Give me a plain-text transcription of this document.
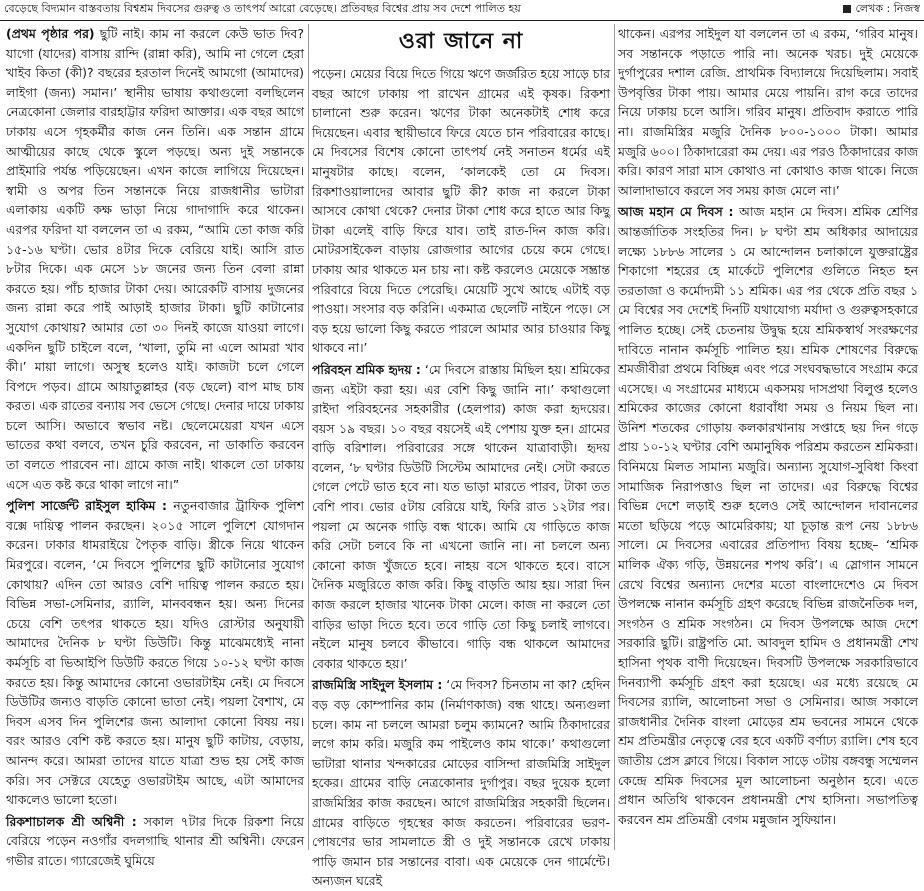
বেড়েছে বিদ্যমান বাস্তবতায় বিশ্বশ্রম দিবসের গুরুত্ব ও তাৎপর্য আরো বেড়েছে। প্রতিবছর বিশ্বের প্রায় সব দেশে পালিত হয়	লেখক : নিজস্ব

(প্রথম পৃষ্ঠার পর) ছুটি নাই। কাম না করলে কেউ ভাত দিব? যাগো (যাদের) বাসায় রান্দি (রান্না করি), আমি না গেলে হেরা খাইব কিতা (কী)? বছরের হরতাল দিনেই আমগো (আমাদের) লাইগা (জন্য) সমান।’ স্থানীয় ভাষায় কথাগুলো বলছিলেন নেত্রকোনা জেলার বারহাট্টার ফরিদা আক্তার। এক বছর আগে ঢাকায় এসে গৃহকর্মীর কাজ নেন তিনি। এক সন্তান গ্রামে আত্মীয়ের কাছে থেকে স্কুলে পড়ছে। অন্য দুই সন্তানকে প্রাইমারি পর্যন্ত পড়িয়েছেন। এখন কাজে লাগিয়ে দিয়েছেন। স্বামী ও অপর তিন সন্তানকে নিয়ে রাজধানীর ভাটারা এলাকায় একটি কক্ষ ভাড়া নিয়ে গাদাগাদি করে থাকেন। এরপর ফরিদা যা বললেন তা এ রকম, “আমি তো কাজ করি ১৫-১৬ ঘণ্টা। ভোর ৪টার দিকে বেরিয়ে যাই। আসি রাত ৮টার দিকে। এক মেসে ১৮ জনের জন্য তিন বেলা রান্না করতে হয়। পাঁচ হাজার টাকা দেয়। আরেকটি বাসায় দুজনের জন্য রান্না করে পাই আড়াই হাজার টাকা। ছুটি কাটানোর সুযোগ কোথায়? আমার তো ৩০ দিনই কাজে যাওয়া লাগে। একদিন ছুটি চাইলে বলে, ‘খালা, তুমি না এলে আমরা খাব কী।’ মায়া লাগে। অসুস্থ হলেও যাই। কাজটা চলে গেলে বিপদে পড়ব। গ্রামে আয়াতুল্লাহর (বড় ছেলে) বাপ মাছ চাষ করত। এক রাতের বন্যায় সব ভেসে গেছে। দেনার দায়ে ঢাকায় চলে আসি। অভাবে স্বভাব নষ্ট। ছেলেমেয়েরা যখন এসে ভাতের কথা বলবে, তখন চুরি করবেন, না ডাকাতি করবেন তা বলতে পারবেন না। গ্রামে কাজ নাই। থাকলে তো ঢাকায় এসে এত কষ্ট করে থাকা লাগে না।”

পুলিশ সার্জেন্ট রাইসুল হাকিম : নতুনবাজার ট্রাফিক পুলিশ বক্সে দায়িত্ব পালন করছেন। ২০১৫ সালে পুলিশে যোগদান করেন। ঢাকার ধামরাইয়ে পৈতৃক বাড়ি। স্ত্রীকে নিয়ে থাকেন মিরপুরে। বলেন, ‘মে দিবসে পুলিশের ছুটি কাটানোর সুযোগ কোথায়? এদিন তো আরও বেশি দায়িত্ব পালন করতে হয়। বিভিন্ন সভা-সেমিনার, র‍্যালি, মানববন্ধন হয়। অন্য দিনের চেয়ে বেশি তৎপর থাকতে হয়। যদিও রোস্টার অনুযায়ী আমাদের দৈনিক ৮ ঘণ্টা ডিউটি। কিন্তু মাঝেমধ্যেই নানা কর্মসূচি বা ভিআইপি ডিউটি করতে গিয়ে ১০-১২ ঘণ্টা কাজ করতে হয়। কিন্তু আমাদের কোনো ওভারটাইম নেই। মে দিবসে ডিউটির জন্যও বাড়তি কোনো ভাতা নেই। পয়লা বৈশাখ, মে দিবস এসব দিন পুলিশের জন্য আলাদা কোনো বিষয় নয়। বরং আরও বেশি কষ্ট করতে হয়। মানুষ ছুটি কাটায়, বেড়ায়, আনন্দ করে। আমরা তাদের যাতে যাত্রা শুভ হয় সেই কাজ করি। সব সেক্টরে যেহেতু ওভারটাইম আছে, এটা আমাদের থাকলেও ভালো হতো।

রিকশাচালক শ্রী অশ্বিনী : সকাল ৭টার দিকে রিকশা নিয়ে বেরিয়ে পড়েন নওগাঁর বদলগাছি থানার শ্রী অশ্বিনী। ফেরেন গভীর রাতে। গ্যারেজেই ঘুমিয়ে

ওরা জানে না

পড়েন। মেয়ের বিয়ে দিতে গিয়ে ঋণে জর্জরিত হয়ে সাড়ে চার বছর আগে ঢাকায় পা রাখেন গ্রামের এই কৃষক। রিকশা চালানো শুরু করেন। ঋণের টাকা অনেকটাই শোধ করে দিয়েছেন। এবার স্থায়ীভাবে ফিরে যেতে চান পরিবারের কাছে। মে দিবসের বিশেষ কোনো তাৎপর্য নেই সনাতন ধর্মের এই মানুষটার কাছে। বলেন, ‘কালকেই তো মে দিবস। রিকশাওয়ালাদের আবার ছুটি কী? কাজ না করলে টাকা আসবে কোথা থেকে? দেনার টাকা শোধ করে হাতে আর কিছু টাকা এলেই বাড়ি ফিরে যাব। তাই রাত-দিন কাজ করি। মোটরসাইকেল বাড়ায় রোজগার আগের চেয়ে কমে গেছে। ঢাকায় আর থাকতে মন চায় না। কষ্ট করলেও মেয়েকে সম্ভ্রান্ত পরিবারে বিয়ে দিতে পেরেছি। মেয়েটি সুখে আছে এটাই বড় পাওয়া। সংসার বড় করিনি। একমাত্র ছেলেটি নাইনে পড়ে। সে বড় হয়ে ভালো কিছু করতে পারলে আমার আর চাওয়ার কিছু থাকবে না।’

পরিবহন শ্রমিক হৃদয় : ‘মে দিবসে রাস্তায় মিছিল হয়। শ্রমিকের জন্য এইটা করা হয়। এর বেশি কিছু জানি না।’ কথাগুলো রাইদা পরিবহনের সহকারীর (হেলপার) কাজ করা হৃদয়ের। বয়স ১৯ বছর। ১০ বছর বয়সেই এই পেশায় যুক্ত হন। গ্রামের বাড়ি বরিশাল। পরিবারের সঙ্গে থাকেন যাত্রাবাড়ী। হৃদয় বলেন, ‘৮ ঘণ্টার ডিউটি সিস্টেম আমাদের নেই। সেটা করতে গেলে পেটে ভাত হবে না। যত ভাড়া মারতে পারব, টাকা তত বেশি পাব। ভোর ৫টায় বেরিয়ে যাই, ফিরি রাত ১২টার পর। পয়লা মে অনেক গাড়ি বন্ধ থাকে। আমি যে গাড়িতে কাজ করি সেটা চলবে কি না এখনো জানি না। না চললে অন্য কোনো কাজ খুঁজতে হবে। নাহয় বসে থাকতে হবে। বাসে দৈনিক মজুরিতে কাজ করি। কিছু বাড়তি আয় হয়। সারা দিন কাজ করলে হাজার খানেক টাকা মেলে। কাজ না করলে তো বাড়ির ভাড়া দিতে হবে। তবে গাড়ি তো কিছু চলাই লাগবে। নইলে মানুষ চলবে কীভাবে। গাড়ি বন্ধ থাকলে আমাদের বেকার থাকতে হয়।’

রাজমিস্ত্রি সাইদুল ইসলাম : ‘মে দিবস? চিনতাম না কা? হেদিন বড় বড় কোম্পানির কাম (নির্মাণকাজ) বন্ধ থাহে। অন্যগুলা চলে। কাম না চললে আমরা চলুম ক্যামনে? আমি ঠিকাদারের লগে কাম করি। মজুরি কম পাইলেও কাম থাকে।’ কথাগুলো ভাটারা থানার খন্দকারের মোড়ের বাসিন্দা রাজমিস্ত্রি সাইদুল হকের। গ্রামের বাড়ি নেত্রকোনার দুর্গাপুর। বছর দুয়েক হলো রাজমিস্ত্রির কাজ করছেন। আগে রাজমিস্ত্রির সহকারী ছিলেন। গ্রামের বাড়িতে গৃহস্থের কাজ করতেন। পরিবারের ভরণ-পোষণের ভার সামলাতে স্ত্রী ও দুই সন্তানকে রেখে ঢাকায় পাড়ি জমান চার সন্তানের বাবা। এক মেয়েকে দেন গার্মেন্টে। অন্যজন ঘরেই

থাকেন। এরপর সাইদুল যা বললেন তা এ রকম, ‘গরিব মানুষ। সব সন্তানকে পড়াতে পারি না। অনেক খরচ। দুই মেয়েকে দুর্গাপুরের দশাল রেজি. প্রাথমিক বিদ্যালয়ে দিয়েছিলাম। সবাই উপবৃত্তির টাকা পায়। আমার মেয়ে পায়নি। রাগ করে তাদের নিয়ে ঢাকায় চলে আসি। গরিব মানুষ। প্রতিবাদ করাতে পারি না। রাজমিস্ত্রির মজুরি দৈনিক ৮০০-১০০০ টাকা। আমার মজুরি ৬০০। ঠিকাদারেরা কম দেয়। এর পরও ঠিকাদারের কাজ করি। কারণ সারা মাস কোথাও না কোথাও কাজ থাকে। নিজে আলাদাভাবে করলে সব সময় কাজ মেলে না।’

আজ মহান মে দিবস : আজ মহান মে দিবস। শ্রমিক শ্রেণির আন্তর্জাতিক সংহতির দিন। ৮ ঘণ্টা শ্রম অধিকার আদায়ের লক্ষ্যে ১৮৮৬ সালের ১ মে আন্দোলন চলাকালে যুক্তরাষ্ট্রের শিকাগো শহরের হে মার্কেটে পুলিশের গুলিতে নিহত হন তরতাজা ও কর্মোদ্যমী ১১ শ্রমিক। এর পর থেকে প্রতি বছর ১ মে বিশ্বের সব দেশেই দিনটি যথাযোগ্য মর্যাদা ও গুরুত্বসহকারে পালিত হচ্ছে। সেই চেতনায় উদ্বুদ্ধ হয়ে শ্রমিকস্বার্থ সংরক্ষণের দাবিতে নানান কর্মসূচি পালিত হয়। শ্রমিক শোষণের বিরুদ্ধে শ্রমজীবীরা প্রথমে বিচ্ছিন্ন এবং পরে সংঘবদ্ধভাবে সংগ্রাম করে এসেছে। এ সংগ্রামের মাধ্যমে একসময় দাসপ্রথা বিলুপ্ত হলেও শ্রমিকের কাজের কোনো ধরাবাঁধা সময় ও নিয়ম ছিল না। উনিশ শতকের গোড়ায় কলকারখানায় সপ্তাহে ছয় দিন গড়ে প্রায় ১০-১২ ঘণ্টার বেশি অমানুষিক পরিশ্রম করতেন শ্রমিকরা। বিনিময়ে মিলত সামান্য মজুরি। অন্যান্য সুযোগ-সুবিধা কিংবা সামাজিক নিরাপত্তাও ছিল না তাদের। এর বিরুদ্ধে বিশ্বের বিভিন্ন দেশে লড়াই শুরু হলেও সেই আন্দোলন দাবানলের মতো ছড়িয়ে পড়ে আমেরিকায়; যা চূড়ান্ত রূপ নেয় ১৮৮৬ সালে। মে দিবসের এবারের প্রতিপাদ্য বিষয় হচ্ছে– ‘শ্রমিক মালিক ঐক্য গড়ি, উন্নয়নের শপথ করি’। এ স্লোগান সামনে রেখে বিশ্বের অন্যান্য দেশের মতো বাংলাদেশেও মে দিবস উপলক্ষে নানান কর্মসূচি গ্রহণ করেছে বিভিন্ন রাজনৈতিক দল, সংগঠন ও শ্রমিক সংগঠন। মে দিবস উপলক্ষে আজ দেশে সরকারি ছুটি। রাষ্ট্রপতি মো. আবদুল হামিদ ও প্রধানমন্ত্রী শেখ হাসিনা পৃথক বাণী দিয়েছেন। দিবসটি উপলক্ষে সরকারিভাবে দিনব্যাপী কর্মসূচি গ্রহণ করা হয়েছে। এর মধ্যে রয়েছে মে দিবসের র‍্যালি, আলোচনা সভা ও সেমিনার। আজ সকালে রাজধানীর দৈনিক বাংলা মোড়ের শ্রম ভবনের সামনে থেকে শ্রম প্রতিমন্ত্রীর নেতৃত্বে বের হবে একটি বর্ণাঢ্য র‍্যালি। শেষ হবে জাতীয় প্রেস ক্লাবে গিয়ে। বিকাল সাড়ে ৩টায় বঙ্গবন্ধু সম্মেলন কেন্দ্রে শ্রমিক দিবসের মূল আলোচনা অনুষ্ঠান হবে। এতে প্রধান অতিথি থাকবেন প্রধানমন্ত্রী শেখ হাসিনা। সভাপতিত্ব করবেন শ্রম প্রতিমন্ত্রী বেগম মন্নুজান সুফিয়ান।
